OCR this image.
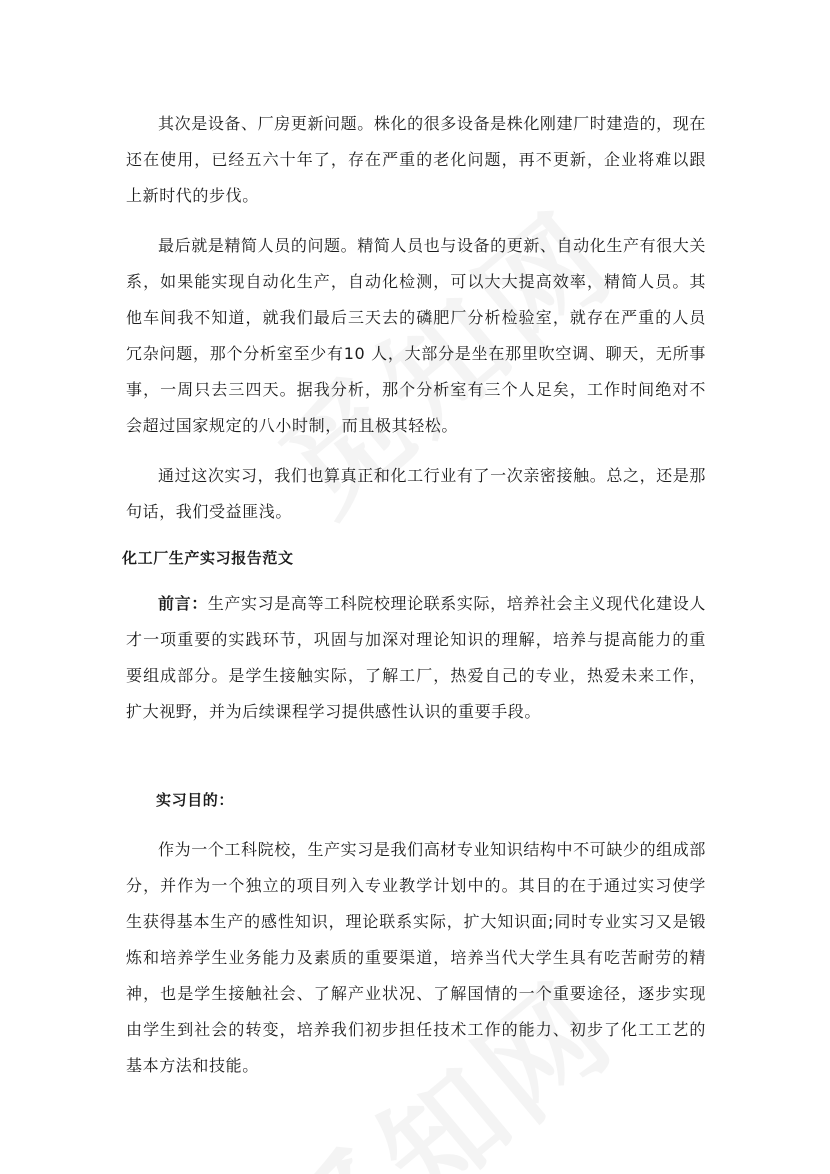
其次是设备、厂房更新问题。株化的很多设备是株化刚建厂时建造的，现在还在使用，已经五六十年了，存在严重的老化问题，再不更新，企业将难以跟上新时代的步伐。

最后就是精简人员的问题。精简人员也与设备的更新、自动化生产有很大关系，如果能实现自动化生产，自动化检测，可以大大提高效率，精简人员。其他车间我不知道，就我们最后三天去的磷肥厂分析检验室，就存在严重的人员冗杂问题，那个分析室至少有10 人，大部分是坐在那里吹空调、聊天，无所事事，一周只去三四天。据我分析，那个分析室有三个人足矣，工作时间绝对不会超过国家规定的八小时制，而且极其轻松。

通过这次实习，我们也算真正和化工行业有了一次亲密接触。总之，还是那句话，我们受益匪浅。

化工厂生产实习报告范文

前言：生产实习是高等工科院校理论联系实际，培养社会主义现代化建设人才一项重要的实践环节，巩固与加深对理论知识的理解，培养与提高能力的重要组成部分。是学生接触实际，了解工厂，热爱自己的专业，热爱未来工作，扩大视野，并为后续课程学习提供感性认识的重要手段。

实习目的：

作为一个工科院校，生产实习是我们高材专业知识结构中不可缺少的组成部分，并作为一个独立的项目列入专业教学计划中的。其目的在于通过实习使学生获得基本生产的感性知识，理论联系实际，扩大知识面;同时专业实习又是锻炼和培养学生业务能力及素质的重要渠道，培养当代大学生具有吃苦耐劳的精神，也是学生接触社会、了解产业状况、了解国情的一个重要途径，逐步实现由学生到社会的转变，培养我们初步担任技术工作的能力、初步了化工工艺的基本方法和技能。
